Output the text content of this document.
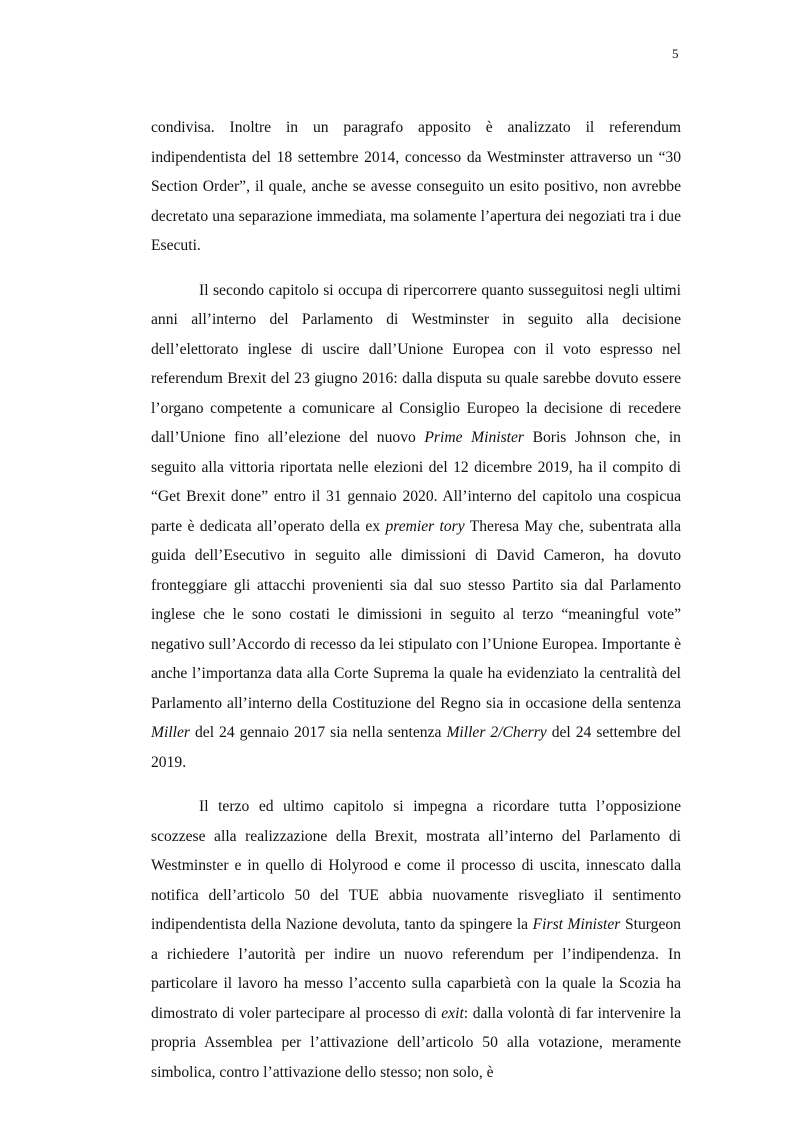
5

condivisa. Inoltre in un paragrafo apposito è analizzato il referendum indipendentista del 18 settembre 2014, concesso da Westminster attraverso un “30 Section Order”, il quale, anche se avesse conseguito un esito positivo, non avrebbe decretato una separazione immediata, ma solamente l’apertura dei negoziati tra i due Esecuti.

Il secondo capitolo si occupa di ripercorrere quanto susseguitosi negli ultimi anni all’interno del Parlamento di Westminster in seguito alla decisione dell’elettorato inglese di uscire dall’Unione Europea con il voto espresso nel referendum Brexit del 23 giugno 2016: dalla disputa su quale sarebbe dovuto essere l’organo competente a comunicare al Consiglio Europeo la decisione di recedere dall’Unione fino all’elezione del nuovo Prime Minister Boris Johnson che, in seguito alla vittoria riportata nelle elezioni del 12 dicembre 2019, ha il compito di “Get Brexit done” entro il 31 gennaio 2020. All’interno del capitolo una cospicua parte è dedicata all’operato della ex premier tory Theresa May che, subentrata alla guida dell’Esecutivo in seguito alle dimissioni di David Cameron, ha dovuto fronteggiare gli attacchi provenienti sia dal suo stesso Partito sia dal Parlamento inglese che le sono costati le dimissioni in seguito al terzo “meaningful vote” negativo sull’Accordo di recesso da lei stipulato con l’Unione Europea. Importante è anche l’importanza data alla Corte Suprema la quale ha evidenziato la centralità del Parlamento all’interno della Costituzione del Regno sia in occasione della sentenza Miller del 24 gennaio 2017 sia nella sentenza Miller 2/Cherry del 24 settembre del 2019.

Il terzo ed ultimo capitolo si impegna a ricordare tutta l’opposizione scozzese alla realizzazione della Brexit, mostrata all’interno del Parlamento di Westminster e in quello di Holyrood e come il processo di uscita, innescato dalla notifica dell’articolo 50 del TUE abbia nuovamente risvegliato il sentimento indipendentista della Nazione devoluta, tanto da spingere la First Minister Sturgeon a richiedere l’autorità per indire un nuovo referendum per l’indipendenza. In particolare il lavoro ha messo l’accento sulla caparbietà con la quale la Scozia ha dimostrato di voler partecipare al processo di exit: dalla volontà di far intervenire la propria Assemblea per l’attivazione dell’articolo 50 alla votazione, meramente simbolica, contro l’attivazione dello stesso; non solo, è
